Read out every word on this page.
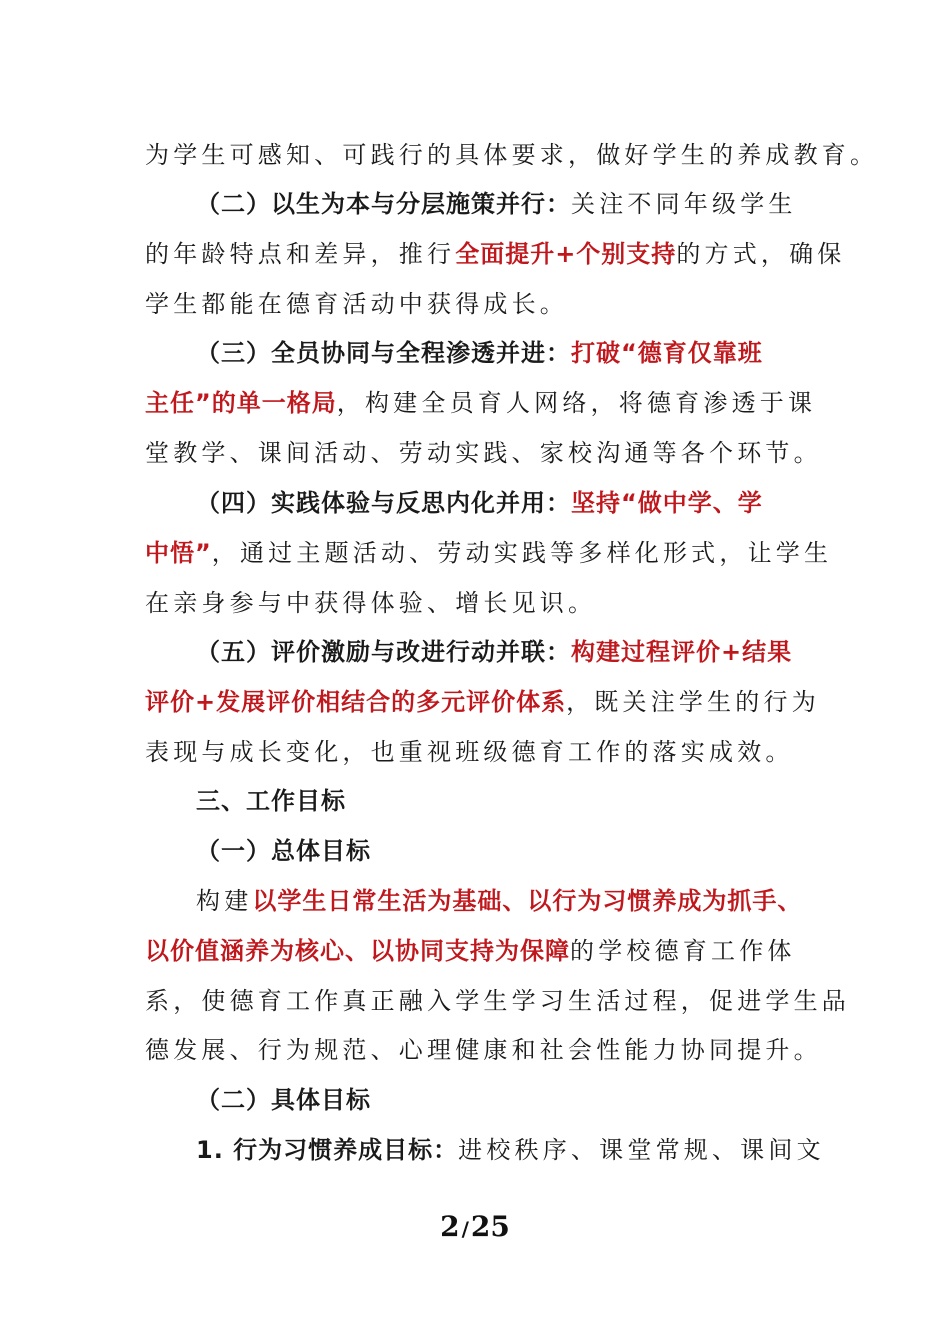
为学生可感知、可践行的具体要求，做好学生的养成教育。
（二）以生为本与分层施策并行：关注不同年级学生
的年龄特点和差异，推行全面提升+个别支持的方式，确保
学生都能在德育活动中获得成长。
（三）全员协同与全程渗透并进：打破“德育仅靠班
主任”的单一格局，构建全员育人网络，将德育渗透于课
堂教学、课间活动、劳动实践、家校沟通等各个环节。
（四）实践体验与反思内化并用：坚持“做中学、学
中悟”，通过主题活动、劳动实践等多样化形式，让学生
在亲身参与中获得体验、增长见识。
（五）评价激励与改进行动并联：构建过程评价+结果
评价+发展评价相结合的多元评价体系，既关注学生的行为
表现与成长变化，也重视班级德育工作的落实成效。
三、工作目标
（一）总体目标
构建以学生日常生活为基础、以行为习惯养成为抓手、
以价值涵养为核心、以协同支持为保障的学校德育工作体
系，使德育工作真正融入学生学习生活过程，促进学生品
德发展、行为规范、心理健康和社会性能力协同提升。
（二）具体目标
1. 行为习惯养成目标：进校秩序、课堂常规、课间文
2 /25
